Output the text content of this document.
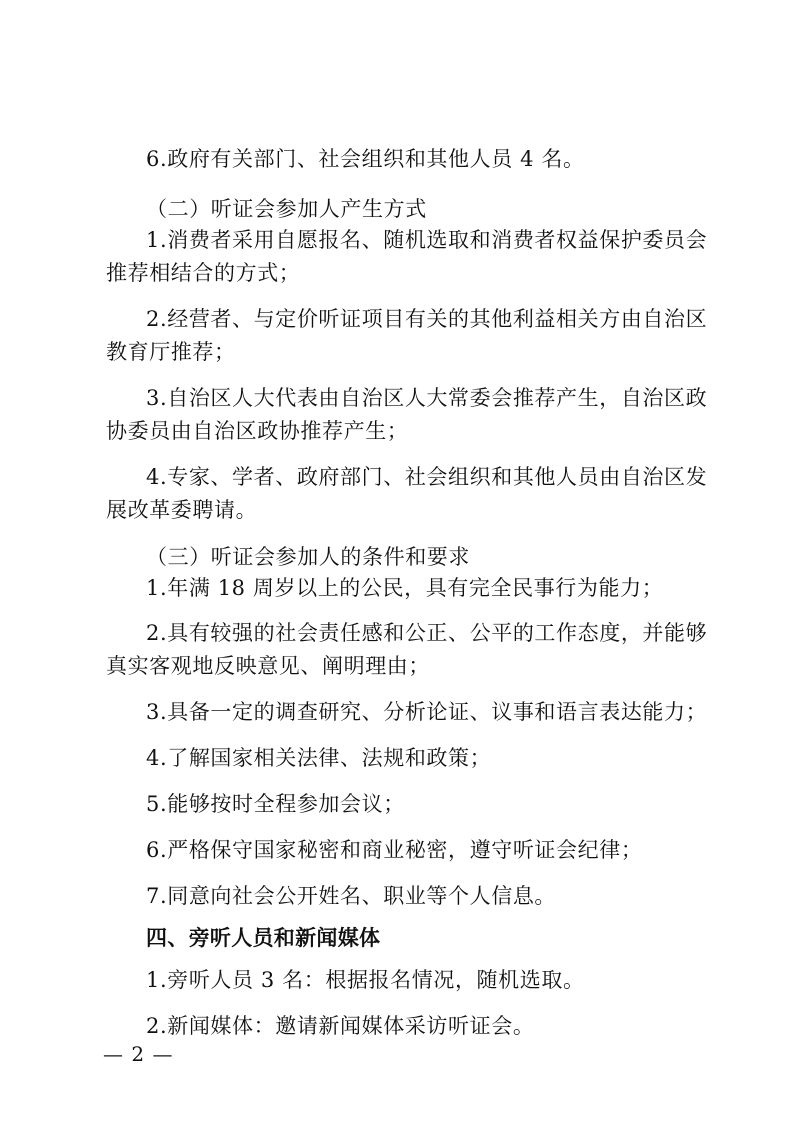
6.政府有关部门、社会组织和其他人员 4 名。
（二）听证会参加人产生方式
1.消费者采用自愿报名、随机选取和消费者权益保护委员会
推荐相结合的方式；
2.经营者、与定价听证项目有关的其他利益相关方由自治区
教育厅推荐；
3.自治区人大代表由自治区人大常委会推荐产生，自治区政
协委员由自治区政协推荐产生；
4.专家、学者、政府部门、社会组织和其他人员由自治区发
展改革委聘请。
（三）听证会参加人的条件和要求
1.年满 18 周岁以上的公民，具有完全民事行为能力；
2.具有较强的社会责任感和公正、公平的工作态度，并能够
真实客观地反映意见、阐明理由；
3.具备一定的调查研究、分析论证、议事和语言表达能力；
4.了解国家相关法律、法规和政策；
5.能够按时全程参加会议；
6.严格保守国家秘密和商业秘密，遵守听证会纪律；
7.同意向社会公开姓名、职业等个人信息。
四、旁听人员和新闻媒体
1.旁听人员 3 名：根据报名情况，随机选取。
2.新闻媒体：邀请新闻媒体采访听证会。
— 2 —
